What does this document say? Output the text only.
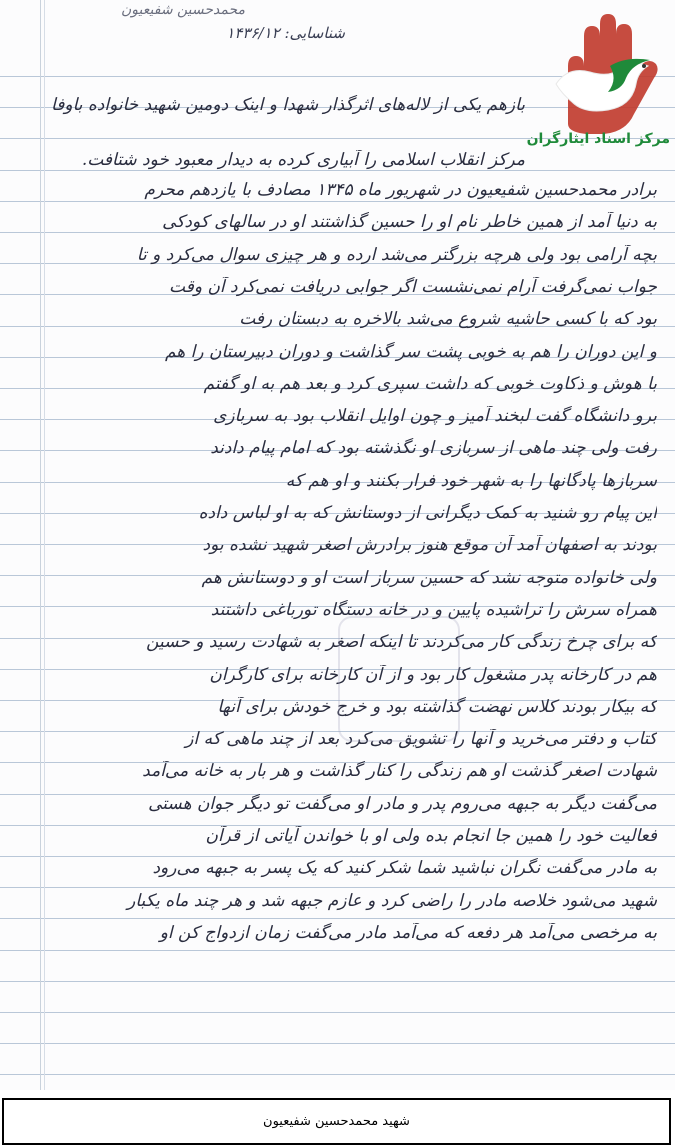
محمدحسین شفیعیون
شناسایی: ۱۴۳۶/۱۲
بازهم یکی از لاله‌های اثرگذار شهدا و اینک دومین شهید خانواده باوفا
مرکز انقلاب اسلامی را آبیاری کرده به دیدار معبود خود شتافت.
برادر محمدحسین شفیعیون در شهریور ماه ۱۳۴۵ مصادف با یازدهم محرم
به دنیا آمد از همین خاطر نام او را حسین گذاشتند او در سالهای کودکی
بچه آرامی بود ولی هرچه بزرگتر می‌شد ارده و هر چیزی سوال می‌کرد و تا
جواب نمی‌گرفت آرام نمی‌نشست اگر جوابی دریافت نمی‌کرد آن وقت
بود که با کسی حاشیه شروع می‌شد بالاخره به دبستان رفت
و این دوران را هم به خوبی پشت سر گذاشت و دوران دبیرستان را هم
با هوش و ذکاوت خوبی که داشت سپری کرد و بعد هم به او گفتم
برو دانشگاه گفت لبخند آمیز و چون اوایل انقلاب بود به سربازی
رفت ولی چند ماهی از سربازی او نگذشته بود که امام پیام دادند
سربازها پادگانها را به شهر خود فرار بکنند و او هم که
این پیام رو شنید به کمک دیگرانی از دوستانش که به او لباس داده
بودند به اصفهان آمد آن موقع هنوز برادرش اصغر شهید نشده بود
ولی خانواده متوجه نشد که حسین سرباز است او و دوستانش هم
همراه سرش را تراشیده پایین و در خانه دستگاه تورباغی داشتند
که برای چرخ زندگی کار می‌کردند تا اینکه اصغر به شهادت رسید و حسین
هم در کارخانه پدر مشغول کار بود و از آن کارخانه برای کارگران
که بیکار بودند کلاس نهضت گذاشته بود و خرج خودش برای آنها
کتاب و دفتر می‌خرید و آنها را تشویق می‌کرد بعد از چند ماهی که از
شهادت اصغر گذشت او هم زندگی را کنار گذاشت و هر بار به خانه می‌آمد
می‌گفت دیگر به جبهه می‌روم پدر و مادر او می‌گفت تو دیگر جوان هستی
فعالیت خود را همین جا انجام بده ولی او با خواندن آیاتی از قرآن
به مادر می‌گفت نگران نباشید شما شکر کنید که یک پسر به جبهه می‌رود
شهید می‌شود خلاصه مادر را راضی کرد و عازم جبهه شد و هر چند ماه یکبار
به مرخصی می‌آمد هر دفعه که می‌آمد مادر می‌گفت زمان ازدواج کن او
مرکز اسناد ایثارگران
شهید محمدحسین شفیعیون
